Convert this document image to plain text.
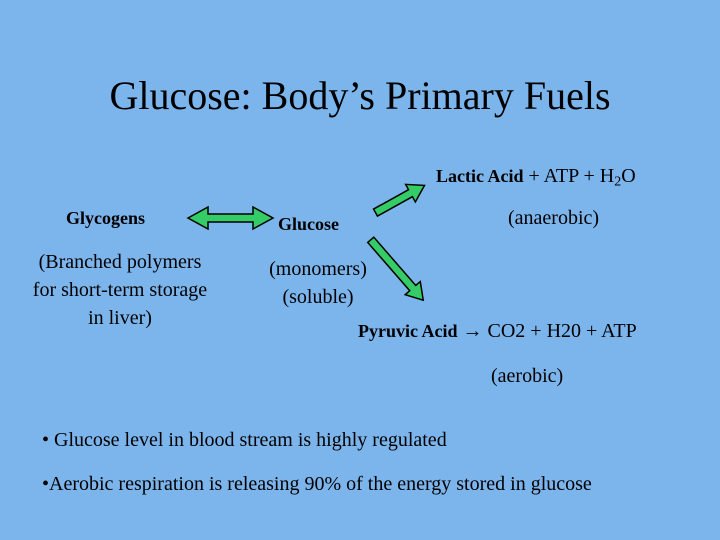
Glucose: Body’s Primary Fuels
Lactic Acid + ATP + $H_2O$
(anaerobic)
Glycogens
(Branched polymers
for short-term storage
in liver)
Glucose
(monomers)
(soluble)
Pyruvic Acid → CO2 + H20 + ATP
(aerobic)

• Glucose level in blood stream is highly regulated

•Aerobic respiration is releasing 90% of the energy stored in glucose
